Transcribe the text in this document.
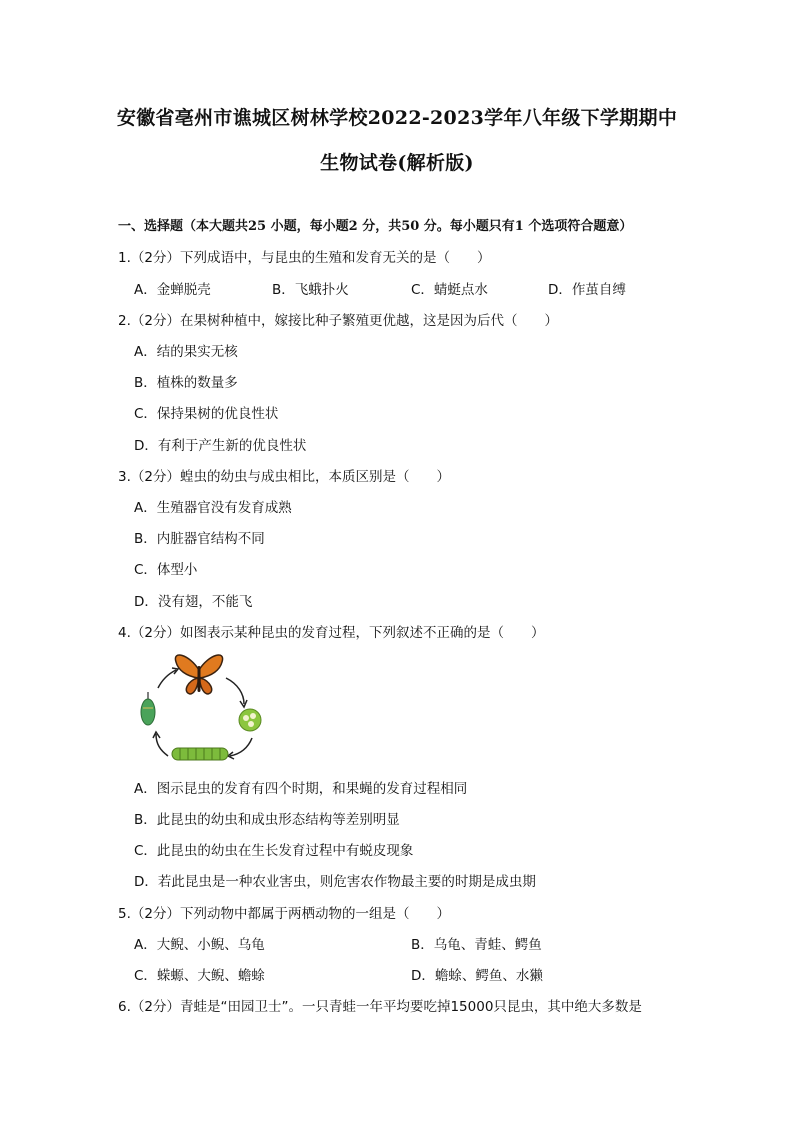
安徽省亳州市谯城区树林学校2022-2023学年八年级下学期期中
生物试卷(解析版)
一、选择题（本大题共25 小题，每小题2 分，共50 分。每小题只有1 个选项符合题意）
1.（2分）下列成语中，与昆虫的生殖和发育无关的是（　　）
A．金蝉脱壳	B．飞蛾扑火	C．蜻蜓点水	D．作茧自缚
2.（2分）在果树种植中，嫁接比种子繁殖更优越，这是因为后代（　　）
A．结的果实无核
B．植株的数量多
C．保持果树的优良性状
D．有利于产生新的优良性状
3.（2分）蝗虫的幼虫与成虫相比，本质区别是（　　）
A．生殖器官没有发育成熟
B．内脏器官结构不同
C．体型小
D．没有翅，不能飞
4.（2分）如图表示某种昆虫的发育过程，下列叙述不正确的是（　　）
A．图示昆虫的发育有四个时期，和果蝇的发育过程相同
B．此昆虫的幼虫和成虫形态结构等差别明显
C．此昆虫的幼虫在生长发育过程中有蜕皮现象
D．若此昆虫是一种农业害虫，则危害农作物最主要的时期是成虫期
5.（2分）下列动物中都属于两栖动物的一组是（　　）
A．大鲵、小鲵、乌龟	B．乌龟、青蛙、鳄鱼
C．蝾螈、大鲵、蟾蜍	D．蟾蜍、鳄鱼、水獭
6.（2分）青蛙是“田园卫士”。一只青蛙一年平均要吃掉15000只昆虫，其中绝大多数是
